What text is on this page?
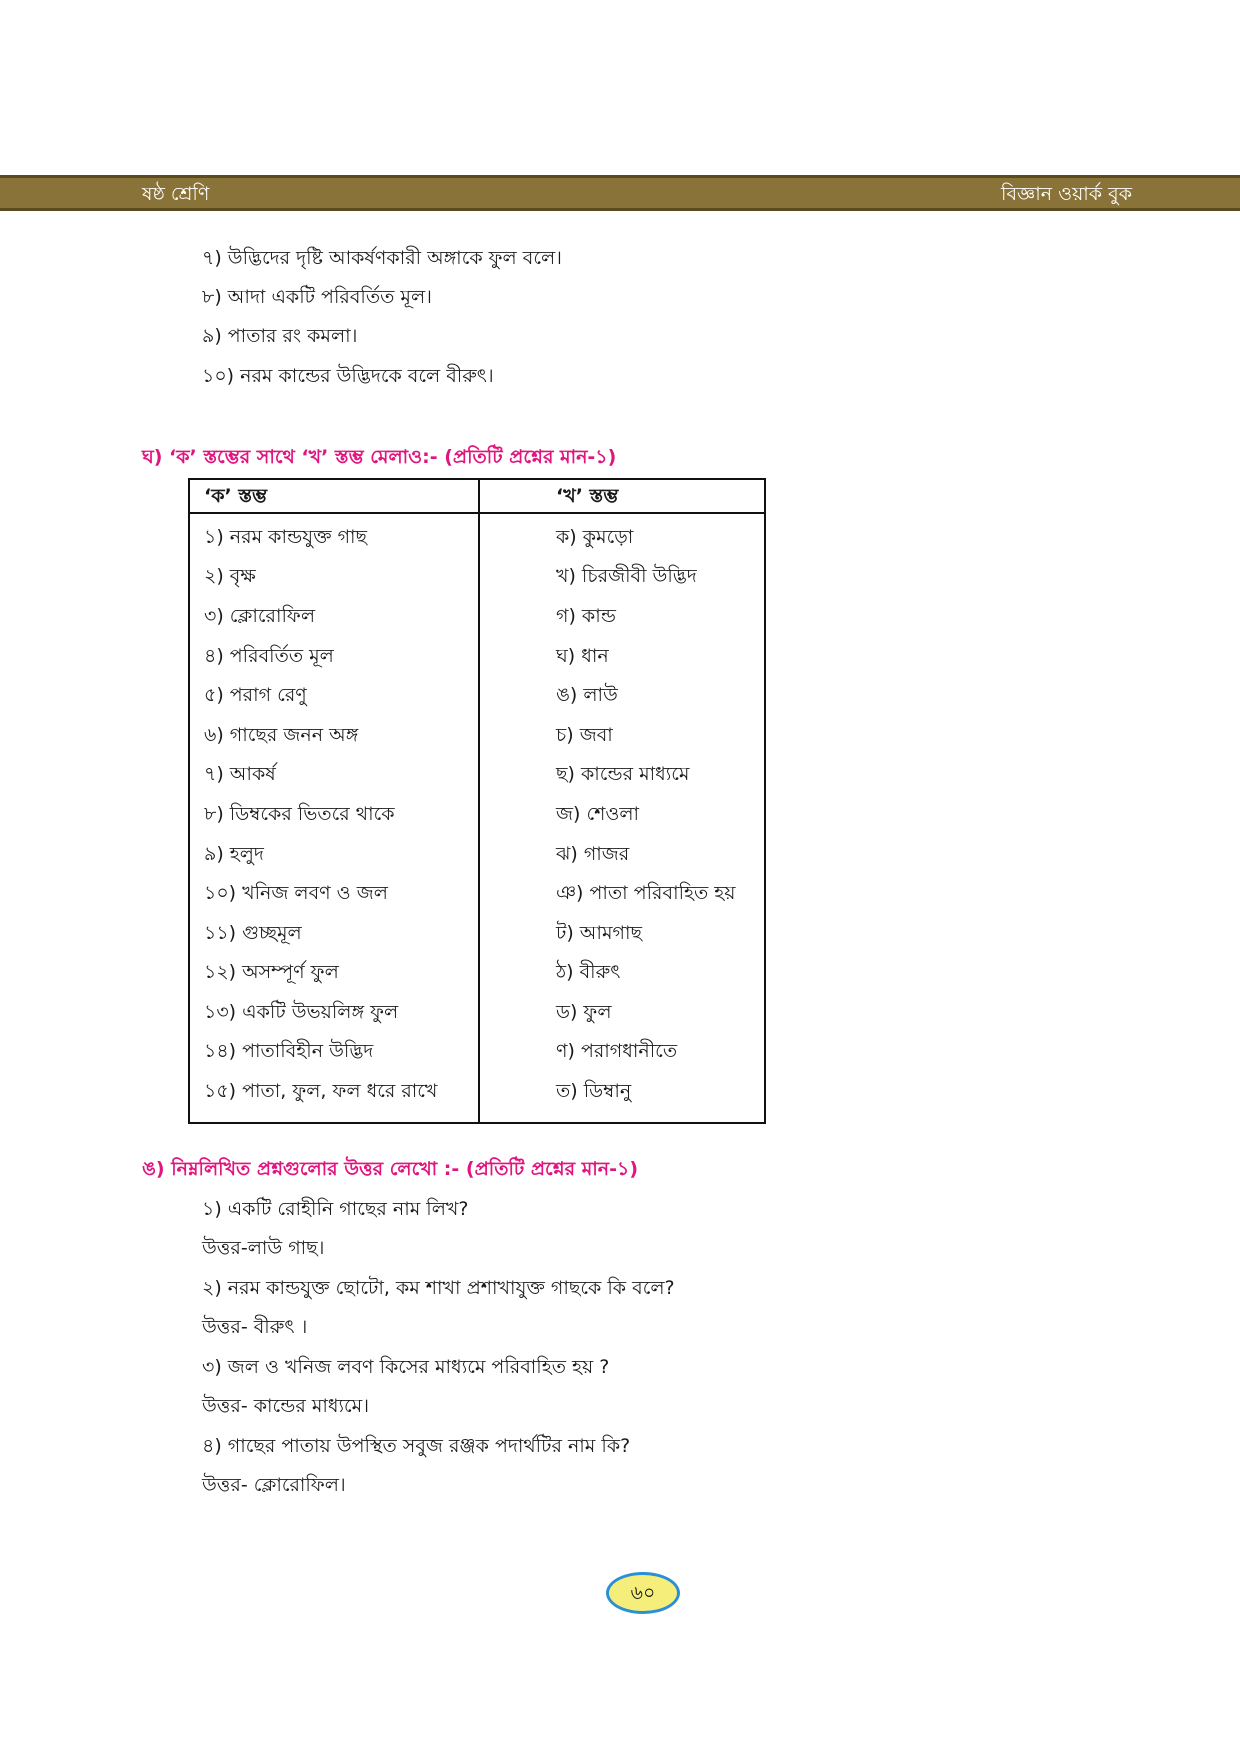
ষষ্ঠ শ্রেণি	বিজ্ঞান ওয়ার্ক বুক
৭) উদ্ভিদের দৃষ্টি আকর্ষণকারী অঙ্গাকে ফুল বলে।
৮) আদা একটি পরিবর্তিত মূল।
৯) পাতার রং কমলা।
১০) নরম কান্ডের উদ্ভিদকে বলে বীরুৎ।
ঘ) ‘ক’ স্তম্ভের সাথে ‘খ’ স্তম্ভ মেলাও:- (প্রতিটি প্রশ্নের মান-১)
‘ক’ স্তম্ভ	‘খ’ স্তম্ভ
১) নরম কান্ডযুক্ত গাছ
২) বৃক্ষ
৩) ক্লোরোফিল
৪) পরিবর্তিত মূল
৫) পরাগ রেণু
৬) গাছের জনন অঙ্গ
৭) আকর্ষ
৮) ডিম্বকের ভিতরে থাকে
৯) হলুদ
১০) খনিজ লবণ ও জল
১১) গুচ্ছমূল
১২) অসম্পূর্ণ ফুল
১৩) একটি উভয়লিঙ্গ ফুল
১৪) পাতাবিহীন উদ্ভিদ
১৫) পাতা, ফুল, ফল ধরে রাখে
ক) কুমড়ো
খ) চিরজীবী উদ্ভিদ
গ) কান্ড
ঘ) ধান
ঙ) লাউ
চ) জবা
ছ) কান্ডের মাধ্যমে
জ) শেওলা
ঝ) গাজর
ঞ) পাতা পরিবাহিত হয়
ট) আমগাছ
ঠ) বীরুৎ
ড) ফুল
ণ) পরাগধানীতে
ত) ডিম্বানু
ঙ) নিম্নলিখিত প্রশ্নগুলোর উত্তর লেখো :- (প্রতিটি প্রশ্নের মান-১)
১) একটি রোহীনি গাছের নাম লিখ?
উত্তর-লাউ গাছ।
২) নরম কান্ডযুক্ত ছোটো, কম শাখা প্রশাখাযুক্ত গাছকে কি বলে?
উত্তর- বীরুৎ ।
৩) জল ও খনিজ লবণ কিসের মাধ্যমে পরিবাহিত হয় ?
উত্তর- কান্ডের মাধ্যমে।
৪) গাছের পাতায় উপস্থিত সবুজ রঞ্জক পদার্থটির নাম কি?
উত্তর- ক্লোরোফিল।
৬০
